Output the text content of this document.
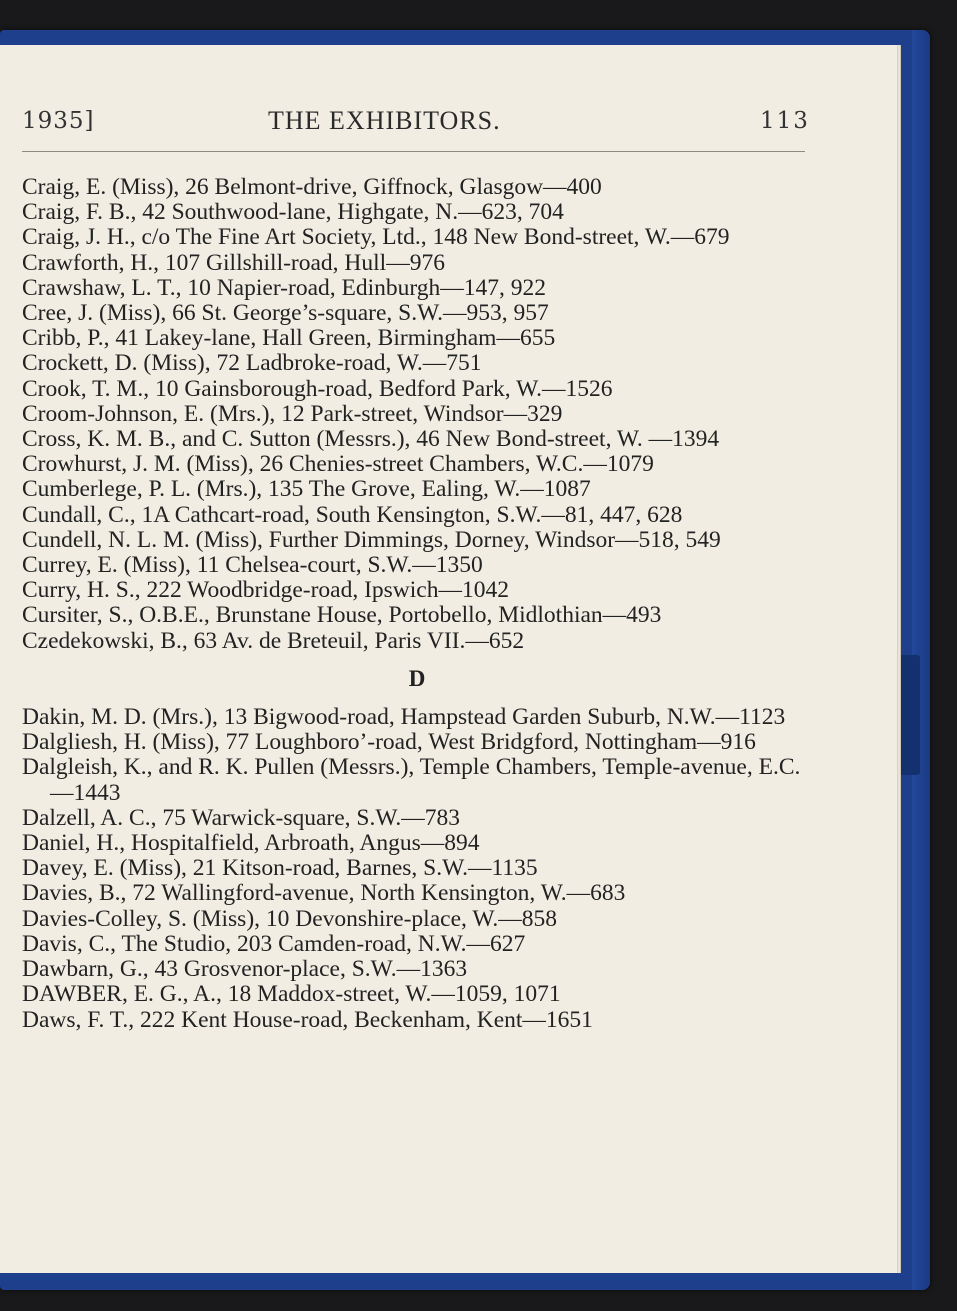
1935]	THE EXHIBITORS.	113
Craig, E. (Miss), 26 Belmont-drive, Giffnock, Glasgow—400
Craig, F. B., 42 Southwood-lane, Highgate, N.—623, 704
Craig, J. H., c/o The Fine Art Society, Ltd., 148 New Bond-street, W.—679
Crawforth, H., 107 Gillshill-road, Hull—976
Crawshaw, L. T., 10 Napier-road, Edinburgh—147, 922
Cree, J. (Miss), 66 St. George’s-square, S.W.—953, 957
Cribb, P., 41 Lakey-lane, Hall Green, Birmingham—655
Crockett, D. (Miss), 72 Ladbroke-road, W.—751
Crook, T. M., 10 Gainsborough-road, Bedford Park, W.—1526
Croom-Johnson, E. (Mrs.), 12 Park-street, Windsor—329
Cross, K. M. B., and C. Sutton (Messrs.), 46 New Bond-street, W. —1394
Crowhurst, J. M. (Miss), 26 Chenies-street Chambers, W.C.—1079
Cumberlege, P. L. (Mrs.), 135 The Grove, Ealing, W.—1087
Cundall, C., 1A Cathcart-road, South Kensington, S.W.—81, 447, 628
Cundell, N. L. M. (Miss), Further Dimmings, Dorney, Windsor—518, 549
Currey, E. (Miss), 11 Chelsea-court, S.W.—1350
Curry, H. S., 222 Woodbridge-road, Ipswich—1042
Cursiter, S., O.B.E., Brunstane House, Portobello, Midlothian—493
Czedekowski, B., 63 Av. de Breteuil, Paris VII.—652
D
Dakin, M. D. (Mrs.), 13 Bigwood-road, Hampstead Garden Suburb, N.W.—1123
Dalgliesh, H. (Miss), 77 Loughboro’-road, West Bridgford, Nottingham—916
Dalgleish, K., and R. K. Pullen (Messrs.), Temple Chambers, Temple-avenue, E.C.—1443
Dalzell, A. C., 75 Warwick-square, S.W.—783
Daniel, H., Hospitalfield, Arbroath, Angus—894
Davey, E. (Miss), 21 Kitson-road, Barnes, S.W.—1135
Davies, B., 72 Wallingford-avenue, North Kensington, W.—683
Davies-Colley, S. (Miss), 10 Devonshire-place, W.—858
Davis, C., The Studio, 203 Camden-road, N.W.—627
Dawbarn, G., 43 Grosvenor-place, S.W.—1363
DAWBER, E. G., A., 18 Maddox-street, W.—1059, 1071
Daws, F. T., 222 Kent House-road, Beckenham, Kent—1651
